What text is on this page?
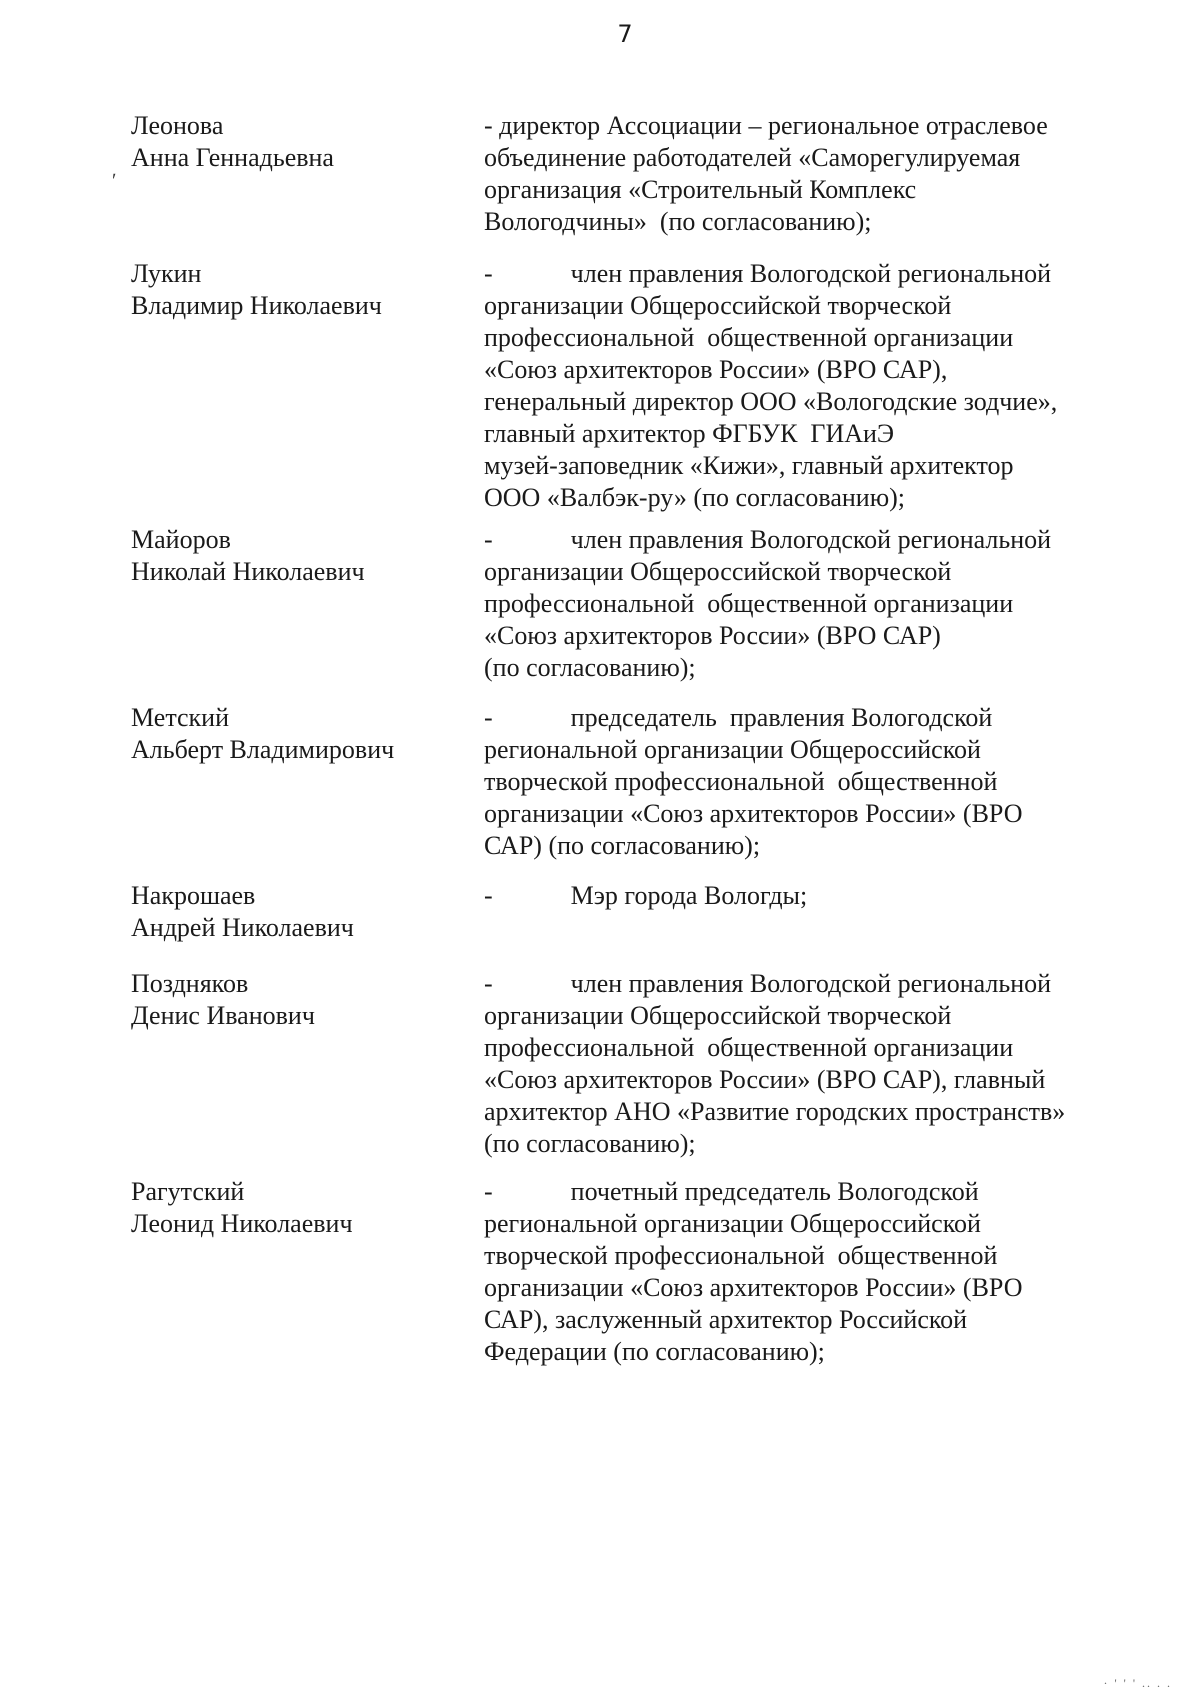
7
ʹ
Леонова
Анна Геннадьевна
- директор Ассоциации – региональное отраслевое
объединение работодателей «Саморегулируемая
организация «Строительный Комплекс
Вологодчины»  (по согласованию);
Лукин
Владимир Николаевич
-            член правления Вологодской региональной
организации Общероссийской творческой
профессиональной  общественной организации
«Союз архитекторов России» (ВРО САР),
генеральный директор ООО «Вологодские зодчие»,
главный архитектор ФГБУК  ГИАиЭ
музей-заповедник «Кижи», главный архитектор
ООО «Валбэк-ру» (по согласованию);
Майоров
Николай Николаевич
-            член правления Вологодской региональной
организации Общероссийской творческой
профессиональной  общественной организации
«Союз архитекторов России» (ВРО САР)
(по согласованию);
Метский
Альберт Владимирович
-            председатель  правления Вологодской
региональной организации Общероссийской
творческой профессиональной  общественной
организации «Союз архитекторов России» (ВРО
САР) (по согласованию);
Накрошаев
Андрей Николаевич
-            Мэр города Вологды;
Поздняков
Денис Иванович
-            член правления Вологодской региональной
организации Общероссийской творческой
профессиональной  общественной организации
«Союз архитекторов России» (ВРО САР), главный
архитектор АНО «Развитие городских пространств»
(по согласованию);
Рагутский
Леонид Николаевич
-            почетный председатель Вологодской
региональной организации Общероссийской
творческой профессиональной  общественной
организации «Союз архитекторов России» (ВРО
САР), заслуженный архитектор Российской
Федерации (по согласованию);
· ' ' ' .. . .
